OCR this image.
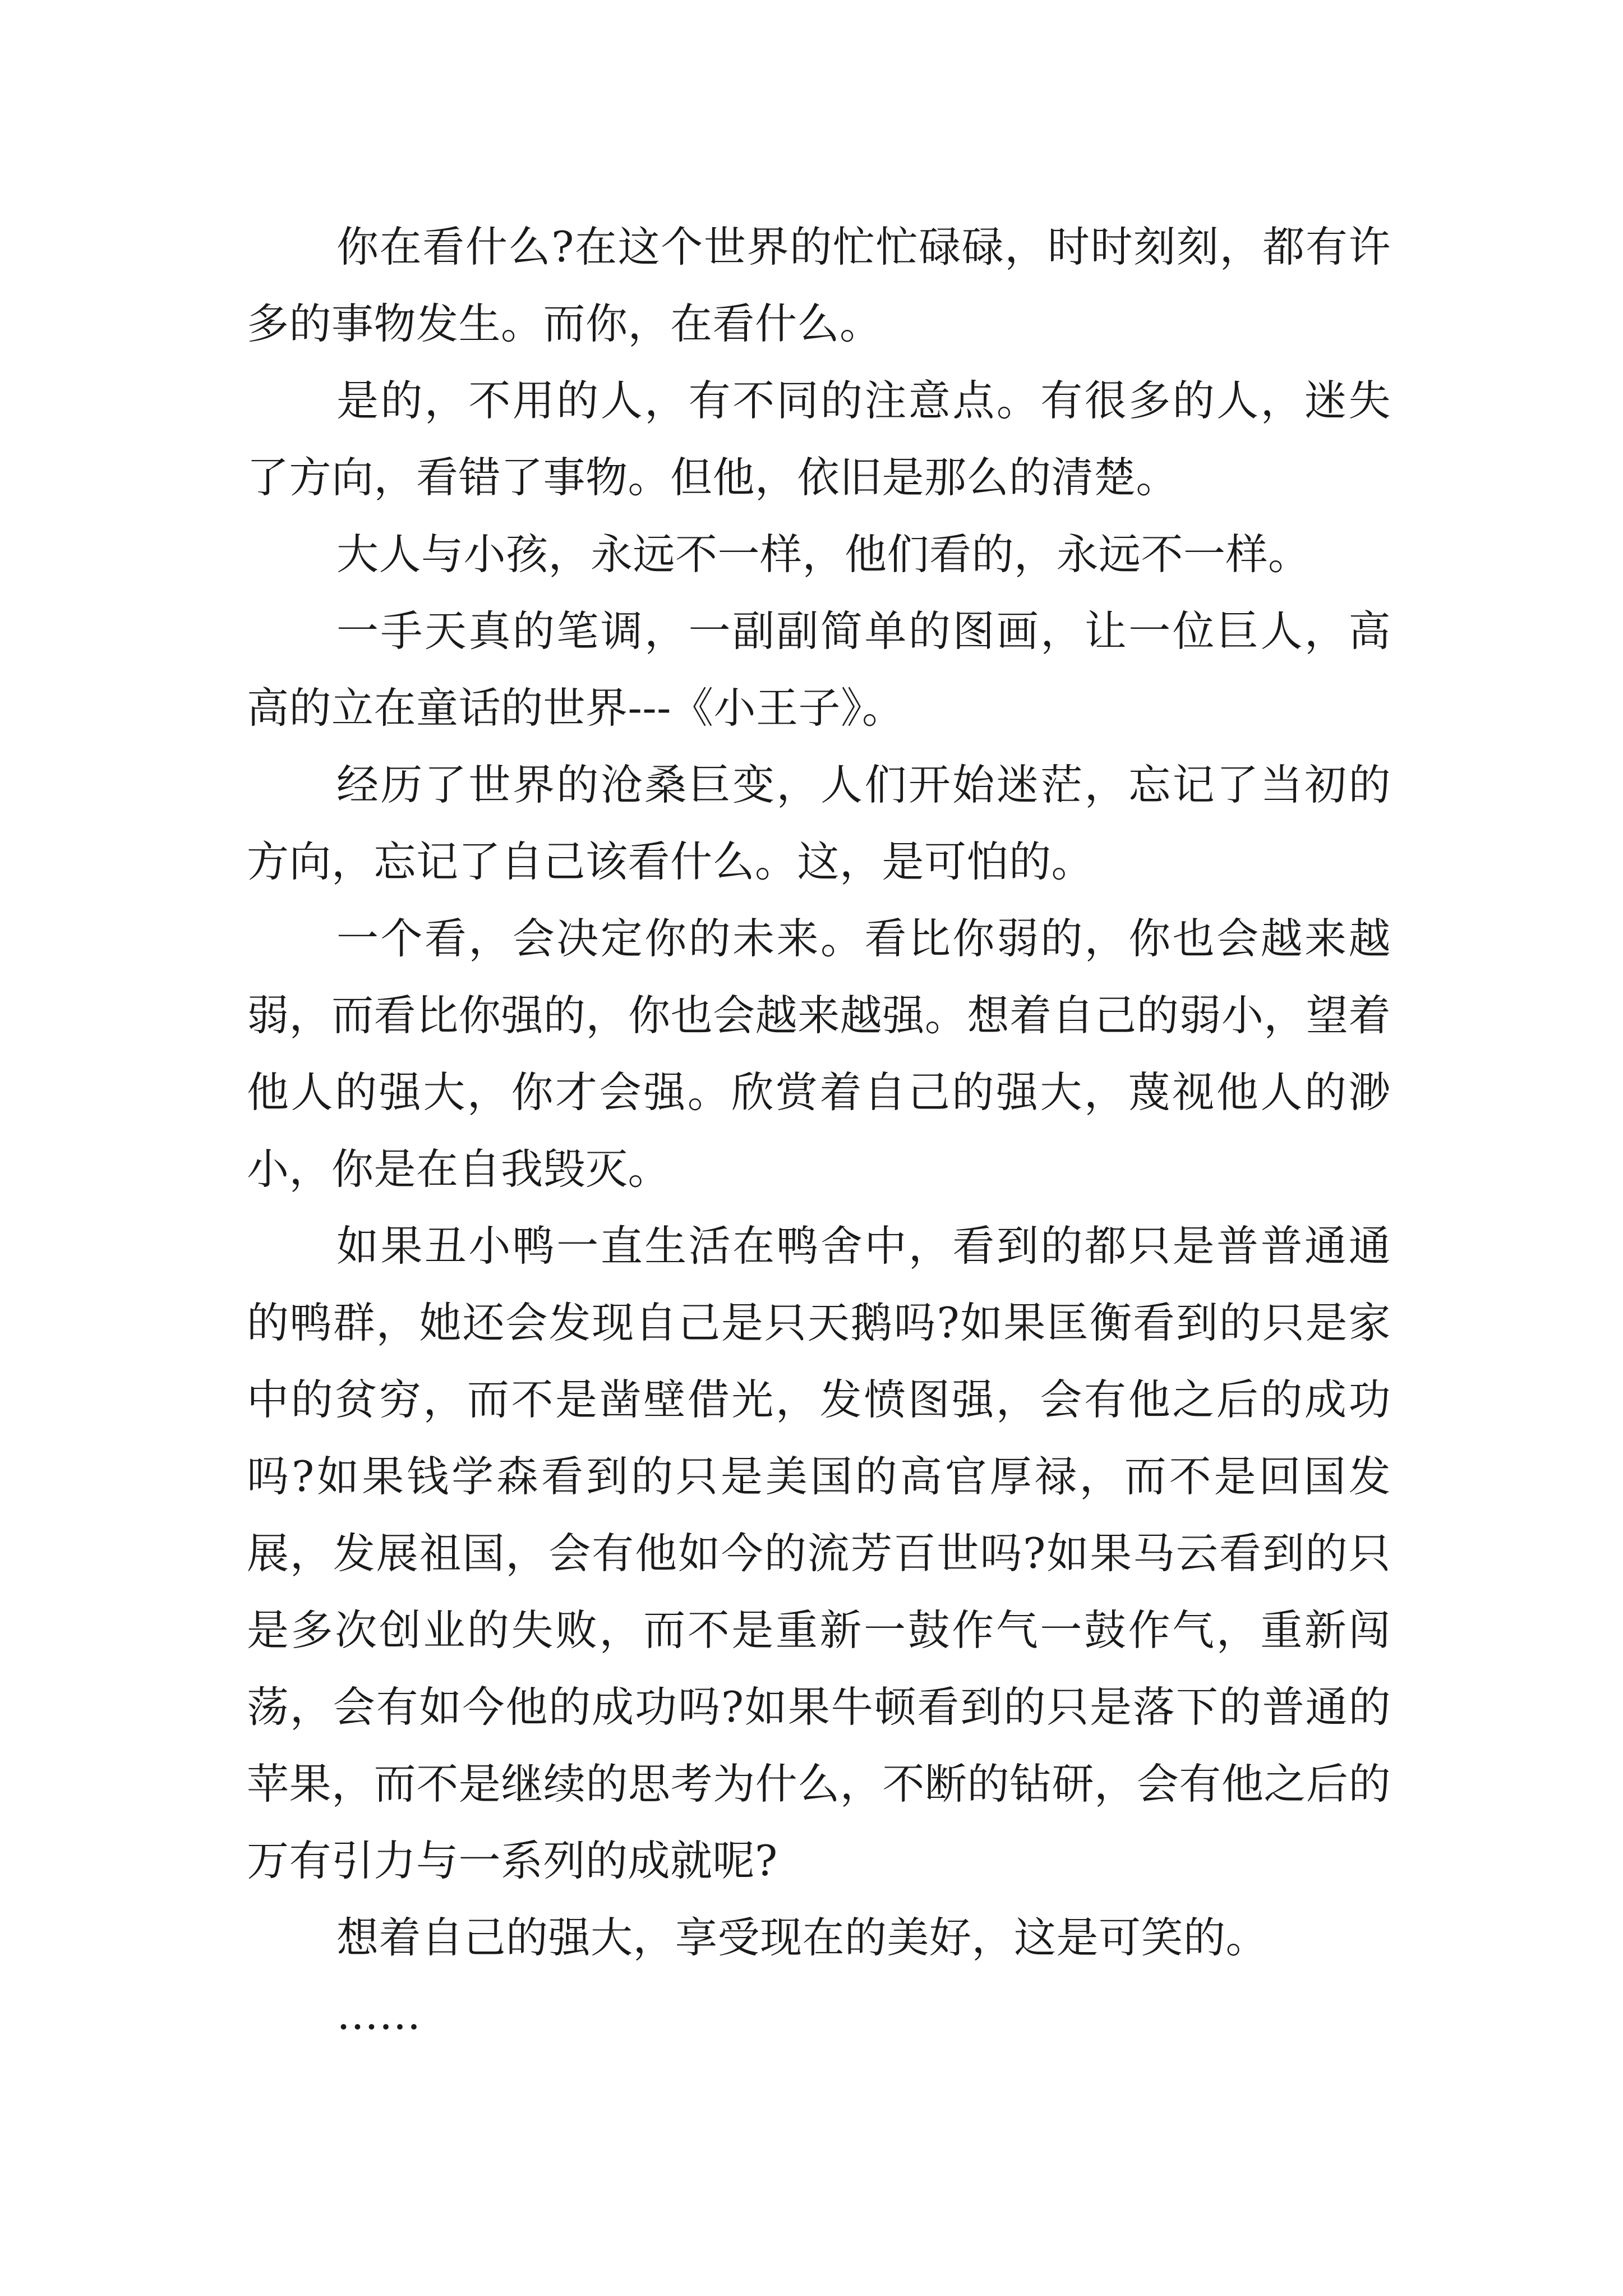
你在看什么?在这个世界的忙忙碌碌，时时刻刻，都有许多的事物发生。而你，在看什么。

是的，不用的人，有不同的注意点。有很多的人，迷失了方向，看错了事物。但他，依旧是那么的清楚。

大人与小孩，永远不一样，他们看的，永远不一样。

一手天真的笔调，一副副简单的图画，让一位巨人，高高的立在童话的世界---《小王子》。

经历了世界的沧桑巨变，人们开始迷茫，忘记了当初的方向，忘记了自己该看什么。这，是可怕的。

一个看，会决定你的未来。看比你弱的，你也会越来越弱，而看比你强的，你也会越来越强。想着自己的弱小，望着他人的强大，你才会强。欣赏着自己的强大，蔑视他人的渺小，你是在自我毁灭。

如果丑小鸭一直生活在鸭舍中，看到的都只是普普通通的鸭群，她还会发现自己是只天鹅吗?如果匡衡看到的只是家中的贫穷，而不是凿壁借光，发愤图强，会有他之后的成功吗?如果钱学森看到的只是美国的高官厚禄，而不是回国发展，发展祖国，会有他如今的流芳百世吗?如果马云看到的只是多次创业的失败，而不是重新一鼓作气一鼓作气，重新闯荡，会有如今他的成功吗?如果牛顿看到的只是落下的普通的苹果，而不是继续的思考为什么，不断的钻研，会有他之后的万有引力与一系列的成就呢?

想着自己的强大，享受现在的美好，这是可笑的。

……
